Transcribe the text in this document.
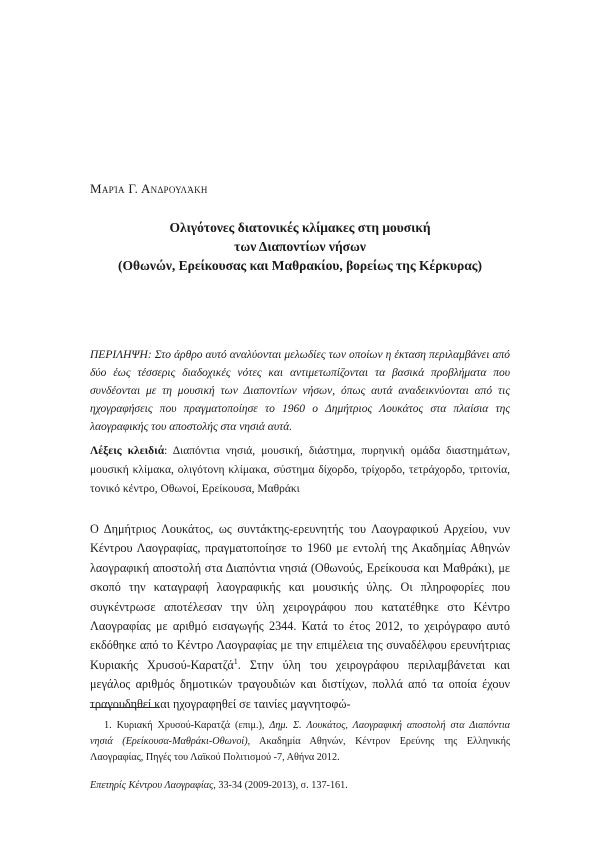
Μαρία Γ. Ανδρουλάκη
Ολιγότονες διατονικές κλίμακες στη μουσική
των Διαποντίων νήσων
(Οθωνών, Ερείκουσας και Μαθρακίου, βορείως της Κέρκυρας)
ΠΕΡΙΛΗΨΗ: Στο άρθρο αυτό αναλύονται μελωδίες των οποίων η έκταση περιλαμβάνει από δύο έως τέσσερις διαδοχικές νότες και αντιμετωπίζονται τα βασικά προβλήματα που συνδέονται με τη μουσική των Διαποντίων νήσων, όπως αυτά αναδεικνύονται από τις ηχογραφήσεις που πραγματοποίησε το 1960 ο Δημήτριος Λουκάτος στα πλαίσια της λαογραφικής του αποστολής στα νησιά αυτά.
Λέξεις κλειδιά: Διαπόντια νησιά, μουσική, διάστημα, πυρηνική ομάδα διαστημάτων, μουσική κλίμακα, ολιγότονη κλίμακα, σύστημα δίχορδο, τρίχορδο, τετράχορδο, τριτονία, τονικό κέντρο, Οθωνοί, Ερείκουσα, Μαθράκι
Ο Δημήτριος Λουκάτος, ως συντάκτης-ερευνητής του Λαογραφικού Αρχείου, νυν Κέντρου Λαογραφίας, πραγματοποίησε το 1960 με εντολή της Ακαδημίας Αθηνών λαογραφική αποστολή στα Διαπόντια νησιά (Οθωνούς, Ερείκουσα και Μαθράκι), με σκοπό την καταγραφή λαογραφικής και μουσικής ύλης. Οι πληροφορίες που συγκέντρωσε αποτέλεσαν την ύλη χειρογράφου που κατατέθηκε στο Κέντρο Λαογραφίας με αριθμό εισαγωγής 2344. Κατά το έτος 2012, το χειρόγραφο αυτό εκδόθηκε από το Κέντρο Λαογραφίας με την επιμέλεια της συναδέλφου ερευνήτριας Κυριακής Χρυσού-Καρατζά$^1$. Στην ύλη του χειρογράφου περιλαμβάνεται και μεγάλος αριθμός δημοτικών τραγουδιών και διστίχων, πολλά από τα οποία έχουν τραγουδηθεί και ηχογραφηθεί σε ταινίες μαγνητοφώ-
1. Κυριακή Χρυσού-Καρατζά (επιμ.), Δημ. Σ. Λουκάτος, Λαογραφική αποστολή στα Διαπόντια νησιά (Ερείκουσα-Μαθράκι-Οθωνοί), Ακαδημία Αθηνών, Κέντρον Ερεύνης της Ελληνικής Λαογραφίας, Πηγές του Λαϊκού Πολιτισμού -7, Αθήνα 2012.
Επετηρίς Κέντρου Λαογραφίας, 33-34 (2009-2013), σ. 137-161.
